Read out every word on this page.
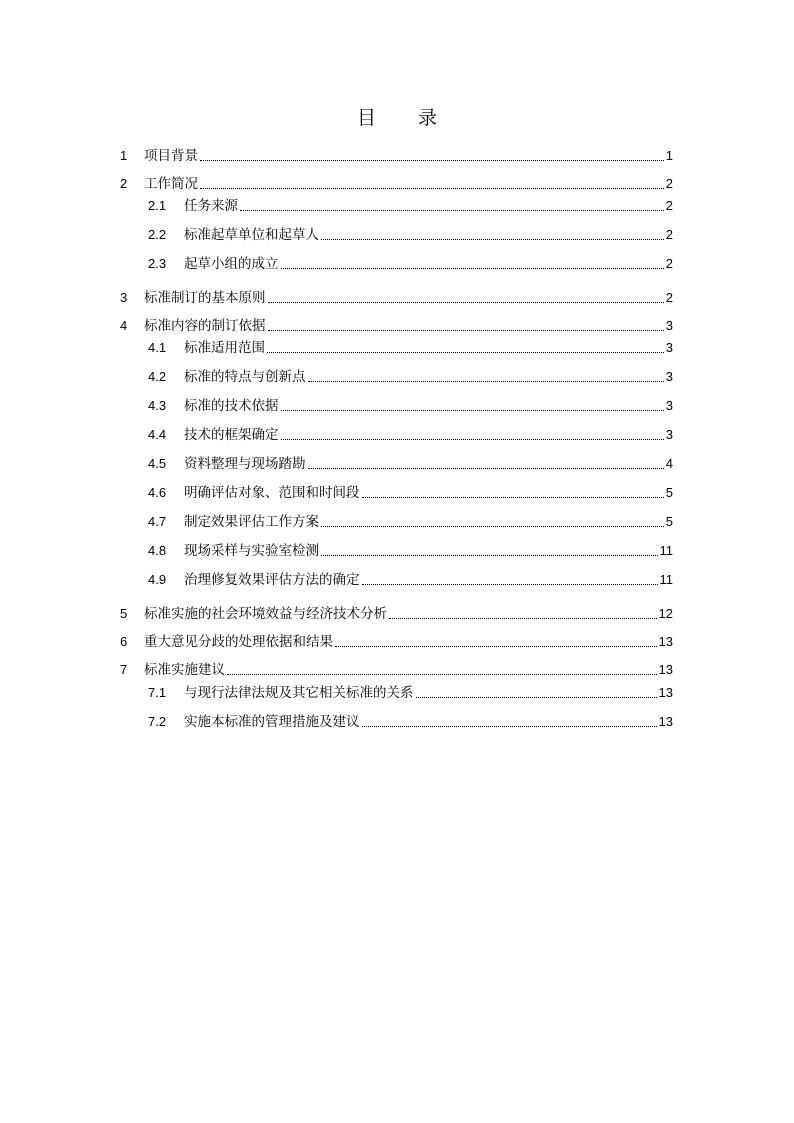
目 录
1	项目背景	1
2	工作简况	2
2.1	任务来源	2
2.2	标准起草单位和起草人	2
2.3	起草小组的成立	2
3	标准制订的基本原则	2
4	标准内容的制订依据	3
4.1	标准适用范围	3
4.2	标准的特点与创新点	3
4.3	标准的技术依据	3
4.4	技术的框架确定	3
4.5	资料整理与现场踏勘	4
4.6	明确评估对象、范围和时间段	5
4.7	制定效果评估工作方案	5
4.8	现场采样与实验室检测	11
4.9	治理修复效果评估方法的确定	11
5	标准实施的社会环境效益与经济技术分析	12
6	重大意见分歧的处理依据和结果	13
7	标准实施建议	13
7.1	与现行法律法规及其它相关标准的关系	13
7.2	实施本标准的管理措施及建议	13
